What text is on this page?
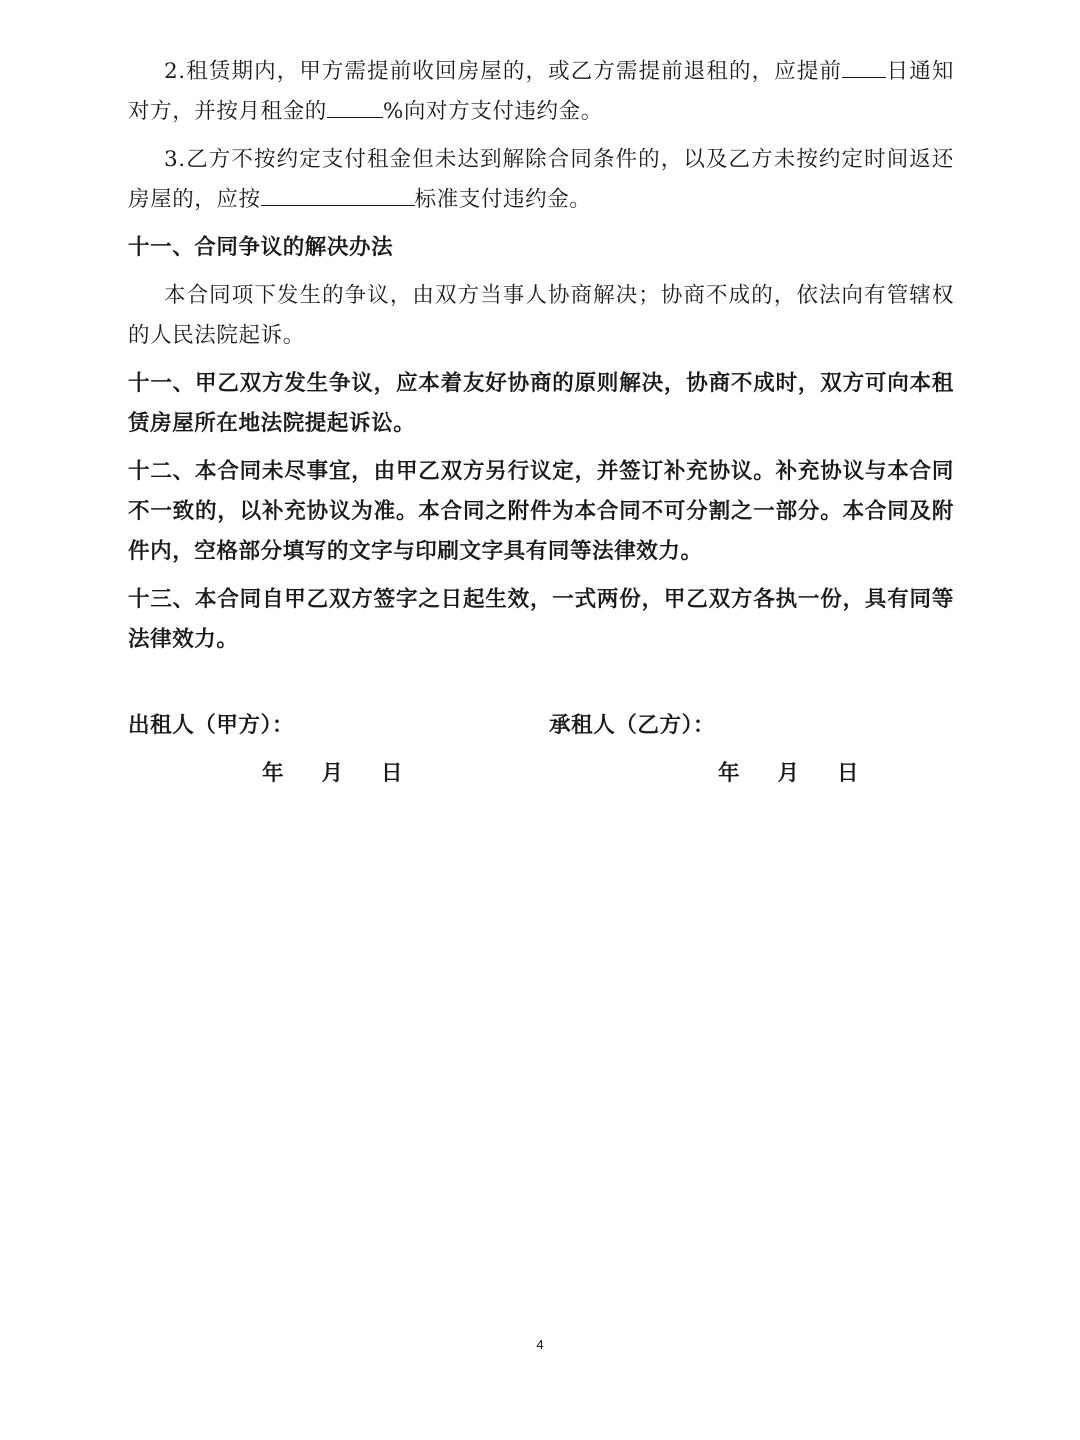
2.租赁期内，甲方需提前收回房屋的，或乙方需提前退租的，应提前 日通知对方，并按月租金的	%向对方支付违约金。

3.乙方不按约定支付租金但未达到解除合同条件的，以及乙方未按约定时间返还房屋的，应按	标准支付违约金。

十一、合同争议的解决办法

本合同项下发生的争议，由双方当事人协商解决；协商不成的，依法向有管辖权的人民法院起诉。

十一、甲乙双方发生争议，应本着友好协商的原则解决，协商不成时，双方可向本租赁房屋所在地法院提起诉讼。

十二、本合同未尽事宜，由甲乙双方另行议定，并签订补充协议。补充协议与本合同不一致的，以补充协议为准。本合同之附件为本合同不可分割之一部分。本合同及附件内，空格部分填写的文字与印刷文字具有同等法律效力。

十三、本合同自甲乙双方签字之日起生效，一式两份，甲乙双方各执一份，具有同等法律效力。

出租人（甲方）：	承租人（乙方）：
年 月 日	年 月 日
4
